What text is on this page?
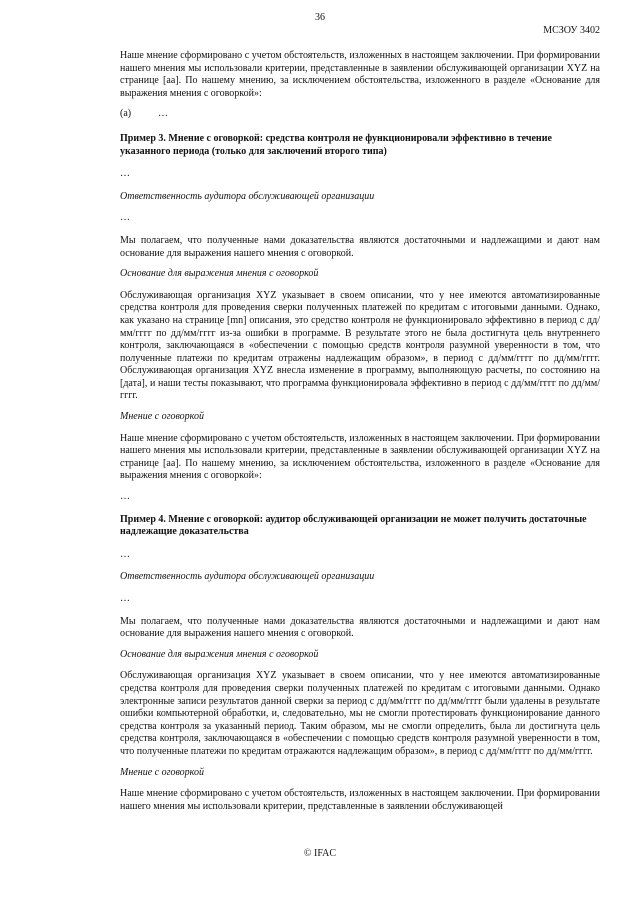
36
МСЗОУ 3402

Наше мнение сформировано с учетом обстоятельств, изложенных в настоящем заключении. При формировании нашего мнения мы использовали критерии, представленные в заявлении обслуживающей организации XYZ на странице [aa]. По нашему мнению, за исключением обстоятельства, изложенного в разделе «Основание для выражения мнения с оговоркой»:

(a)	…

Пример 3. Мнение с оговоркой: средства контроля не функционировали эффективно в течение указанного периода (только для заключений второго типа)

…

Ответственность аудитора обслуживающей организации

…

Мы полагаем, что полученные нами доказательства являются достаточными и надлежащими и дают нам основание для выражения нашего мнения с оговоркой.

Основание для выражения мнения с оговоркой

Обслуживающая организация XYZ указывает в своем описании, что у нее имеются автоматизированные средства контроля для проведения сверки полученных платежей по кредитам с итоговыми данными. Однако, как указано на странице [mn] описания, это средство контроля не функционировало эффективно в период с дд/мм/гггг по дд/мм/гггг из-за ошибки в программе. В результате этого не была достигнута цель внутреннего контроля, заключающаяся в «обеспечении с помощью средств контроля разумной уверенности в том, что полученные платежи по кредитам отражены надлежащим образом», в период с дд/мм/гггг по дд/мм/гггг. Обслуживающая организация XYZ внесла изменение в программу, выполняющую расчеты, по состоянию на [дата], и наши тесты показывают, что программа функционировала эффективно в период с дд/мм/гггг по дд/мм/гггг.

Мнение с оговоркой

Наше мнение сформировано с учетом обстоятельств, изложенных в настоящем заключении. При формировании нашего мнения мы использовали критерии, представленные в заявлении обслуживающей организации XYZ на странице [aa]. По нашему мнению, за исключением обстоятельства, изложенного в разделе «Основание для выражения мнения с оговоркой»:

…

Пример 4. Мнение с оговоркой: аудитор обслуживающей организации не может получить достаточные надлежащие доказательства

…

Ответственность аудитора обслуживающей организации

…

Мы полагаем, что полученные нами доказательства являются достаточными и надлежащими и дают нам основание для выражения нашего мнения с оговоркой.

Основание для выражения мнения с оговоркой

Обслуживающая организация XYZ указывает в своем описании, что у нее имеются автоматизированные средства контроля для проведения сверки полученных платежей по кредитам с итоговыми данными. Однако электронные записи результатов данной сверки за период с дд/мм/гггг по дд/мм/гггг были удалены в результате ошибки компьютерной обработки, и, следовательно, мы не смогли протестировать функционирование данного средства контроля за указанный период. Таким образом, мы не смогли определить, была ли достигнута цель средства контроля, заключающаяся в «обеспечении с помощью средств контроля разумной уверенности в том, что полученные платежи по кредитам отражаются надлежащим образом», в период с дд/мм/гггг по дд/мм/гггг.

Мнение с оговоркой

Наше мнение сформировано с учетом обстоятельств, изложенных в настоящем заключении. При формировании нашего мнения мы использовали критерии, представленные в заявлении обслуживающей

© IFAC
